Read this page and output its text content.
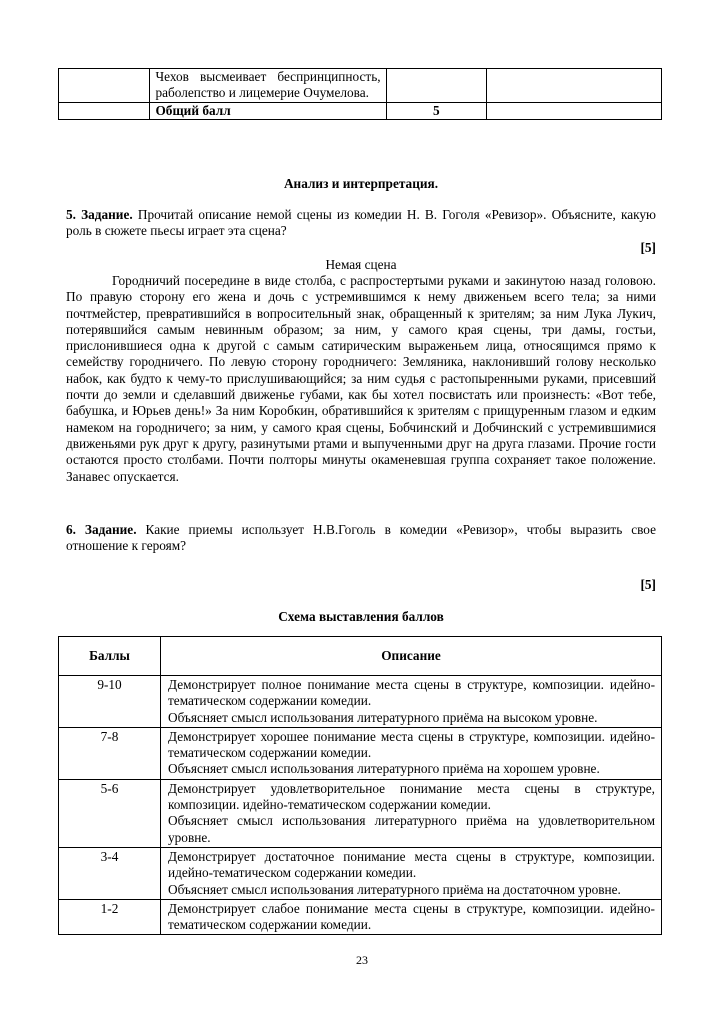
	Чехов высмеивает беспринципность, раболепство и лицемерие Очумелова.		
	Общий балл	5	
Анализ и интерпретация.
5. Задание. Прочитай описание немой сцены из комедии Н. В. Гоголя «Ревизор». Объясните, какую роль в сюжете пьесы играет эта сцена?
[5]
Немая сцена
Городничий посередине в виде столба, с распростертыми руками и закинутою назад головою. По правую сторону его жена и дочь с устремившимся к нему движеньем всего тела; за ними почтмейстер, превратившийся в вопросительный знак, обращенный к зрителям; за ним Лука Лукич, потерявшийся самым невинным образом; за ним, у самого края сцены, три дамы, гостьи, прислонившиеся одна к другой с самым сатирическим выраженьем лица, относящимся прямо к семейству городничего. По левую сторону городничего: Земляника, наклонивший голову несколько набок, как будто к чему-то прислушивающийся; за ним судья с растопыренными руками, присевший почти до земли и сделавший движенье губами, как бы хотел посвистать или произнесть: «Вот тебе, бабушка, и Юрьев день!» За ним Коробкин, обратившийся к зрителям с прищуренным глазом и едким намеком на городничего; за ним, у самого края сцены, Бобчинский и Добчинский с устремившимися движеньями рук друг к другу, разинутыми ртами и выпученными друг на друга глазами. Прочие гости остаются просто столбами. Почти полторы минуты окаменевшая группа сохраняет такое положение. Занавес опускается.
6. Задание. Какие приемы использует Н.В.Гоголь в комедии «Ревизор», чтобы выразить свое отношение к героям?
[5]
Схема выставления баллов
Баллы	Описание
9-10	Демонстрирует полное понимание места сцены в структуре, композиции. идейно-тематическом содержании комедии.

Объясняет смысл использования литературного приёма на высоком уровне.

7-8	Демонстрирует хорошее понимание места сцены в структуре, композиции. идейно-тематическом содержании комедии.

Объясняет смысл использования литературного приёма на хорошем уровне.

5-6	Демонстрирует удовлетворительное понимание места сцены в структуре, композиции. идейно-тематическом содержании комедии.

Объясняет смысл использования литературного приёма на удовлетворительном уровне.

3-4	Демонстрирует достаточное понимание места сцены в структуре, композиции. идейно-тематическом содержании комедии.

Объясняет смысл использования литературного приёма на достаточном уровне.

1-2	Демонстрирует слабое понимание места сцены в структуре, композиции. идейно-тематическом содержании комедии.

23
